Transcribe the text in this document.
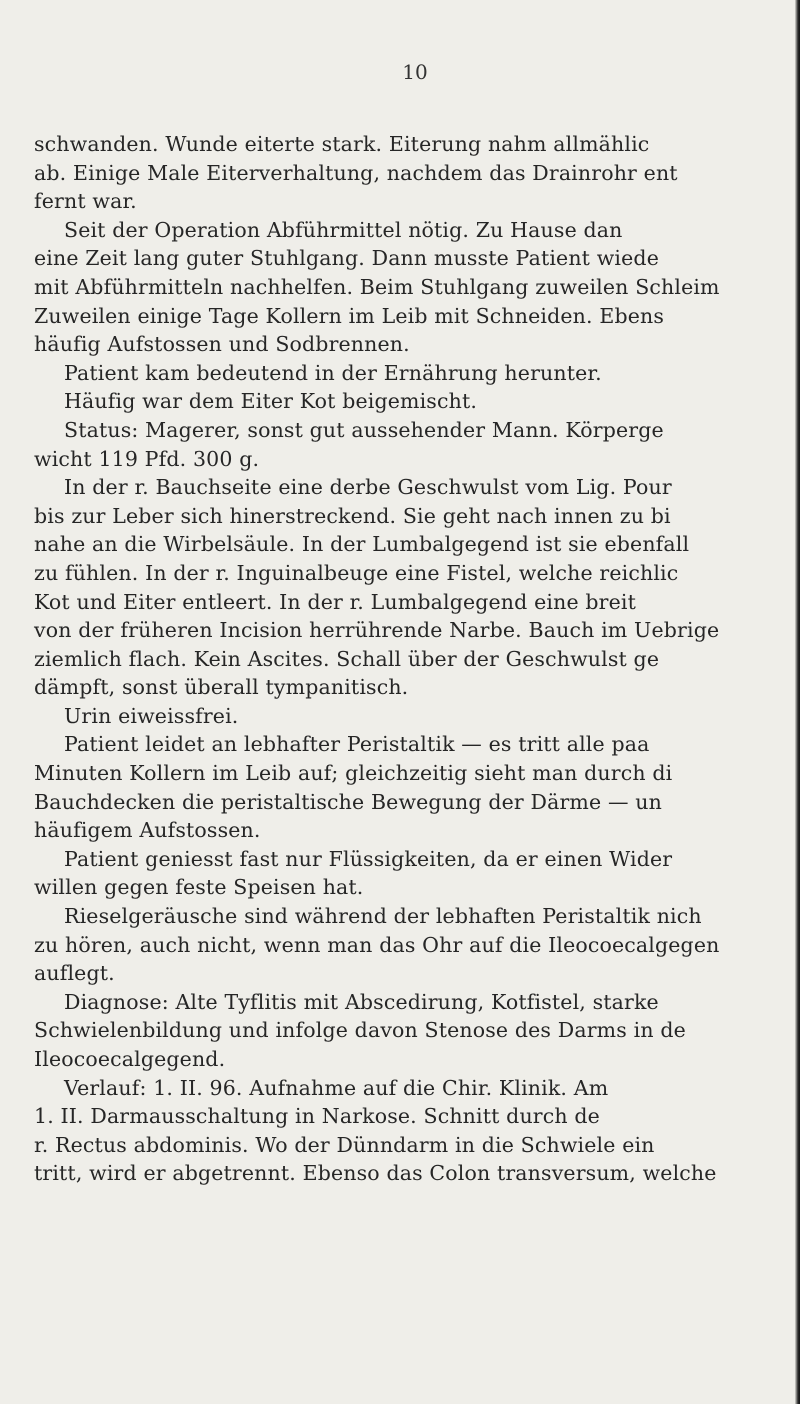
10
schwanden. Wunde eiterte stark. Eiterung nahm allmählic
ab. Einige Male Eiterverhaltung, nachdem das Drainrohr ent
fernt war.
Seit der Operation Abführmittel nötig. Zu Hause dan
eine Zeit lang guter Stuhlgang. Dann musste Patient wiede
mit Abführmitteln nachhelfen. Beim Stuhlgang zuweilen Schleim
Zuweilen einige Tage Kollern im Leib mit Schneiden. Ebens
häufig Aufstossen und Sodbrennen.
Patient kam bedeutend in der Ernährung herunter.
Häufig war dem Eiter Kot beigemischt.
Status: Magerer, sonst gut aussehender Mann. Körperge
wicht 119 Pfd. 300 g.
In der r. Bauchseite eine derbe Geschwulst vom Lig. Pour
bis zur Leber sich hinerstreckend. Sie geht nach innen zu bi
nahe an die Wirbelsäule. In der Lumbalgegend ist sie ebenfall
zu fühlen. In der r. Inguinalbeuge eine Fistel, welche reichlic
Kot und Eiter entleert. In der r. Lumbalgegend eine breit
von der früheren Incision herrührende Narbe. Bauch im Uebrige
ziemlich flach. Kein Ascites. Schall über der Geschwulst ge
dämpft, sonst überall tympanitisch.
Urin eiweissfrei.
Patient leidet an lebhafter Peristaltik — es tritt alle paa
Minuten Kollern im Leib auf; gleichzeitig sieht man durch di
Bauchdecken die peristaltische Bewegung der Därme — un
häufigem Aufstossen.
Patient geniesst fast nur Flüssigkeiten, da er einen Wider
willen gegen feste Speisen hat.
Rieselgeräusche sind während der lebhaften Peristaltik nich
zu hören, auch nicht, wenn man das Ohr auf die Ileocoecalgegen
auflegt.
Diagnose: Alte Tyflitis mit Abscedirung, Kotfistel, starke
Schwielenbildung und infolge davon Stenose des Darms in de
Ileocoecalgegend.
Verlauf: 1. II. 96. Aufnahme auf die Chir. Klinik. Am
1. II. Darmausschaltung in Narkose. Schnitt durch de
r. Rectus abdominis. Wo der Dünndarm in die Schwiele ein
tritt, wird er abgetrennt. Ebenso das Colon transversum, welche
